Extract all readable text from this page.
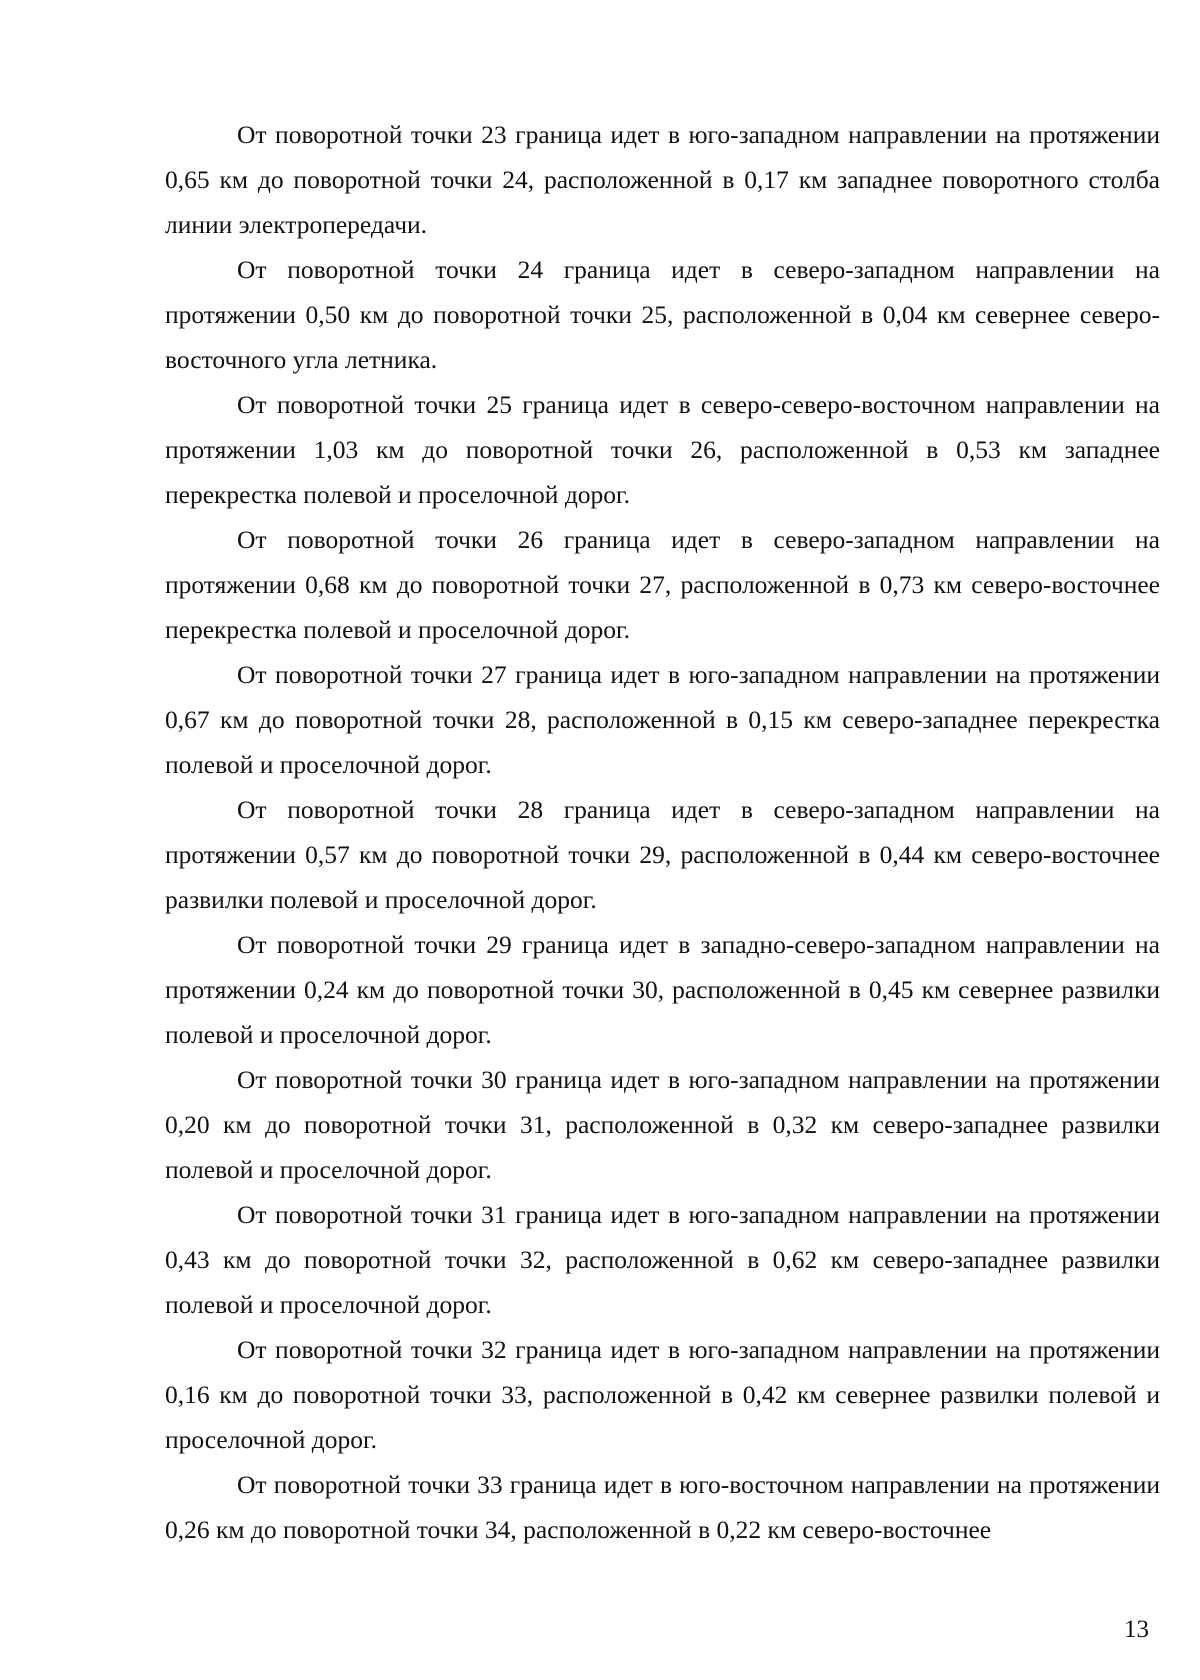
От поворотной точки 23 граница идет в юго-западном направлении на протяжении 0,65 км до поворотной точки 24, расположенной в 0,17 км западнее поворотного столба линии электропередачи.

От поворотной точки 24 граница идет в северо-западном направлении на протяжении 0,50 км до поворотной точки 25, расположенной в 0,04 км севернее северо-восточного угла летника.

От поворотной точки 25 граница идет в северо-северо-восточном направлении на протяжении 1,03 км до поворотной точки 26, расположенной в 0,53 км западнее перекрестка полевой и проселочной дорог.

От поворотной точки 26 граница идет в северо-западном направлении на протяжении 0,68 км до поворотной точки 27, расположенной в 0,73 км северо-восточнее перекрестка полевой и проселочной дорог.

От поворотной точки 27 граница идет в юго-западном направлении на протяжении 0,67 км до поворотной точки 28, расположенной в 0,15 км северо-западнее перекрестка полевой и проселочной дорог.

От поворотной точки 28 граница идет в северо-западном направлении на протяжении 0,57 км до поворотной точки 29, расположенной в 0,44 км северо-восточнее развилки полевой и проселочной дорог.

От поворотной точки 29 граница идет в западно-северо-западном направлении на протяжении 0,24 км до поворотной точки 30, расположенной в 0,45 км севернее развилки полевой и проселочной дорог.

От поворотной точки 30 граница идет в юго-западном направлении на протяжении 0,20 км до поворотной точки 31, расположенной в 0,32 км северо-западнее развилки полевой и проселочной дорог.

От поворотной точки 31 граница идет в юго-западном направлении на протяжении 0,43 км до поворотной точки 32, расположенной в 0,62 км северо-западнее развилки полевой и проселочной дорог.

От поворотной точки 32 граница идет в юго-западном направлении на протяжении 0,16 км до поворотной точки 33, расположенной в 0,42 км севернее развилки полевой и проселочной дорог.

От поворотной точки 33 граница идет в юго-восточном направлении на протяжении 0,26 км до поворотной точки 34, расположенной в 0,22 км северо-восточнее

13
